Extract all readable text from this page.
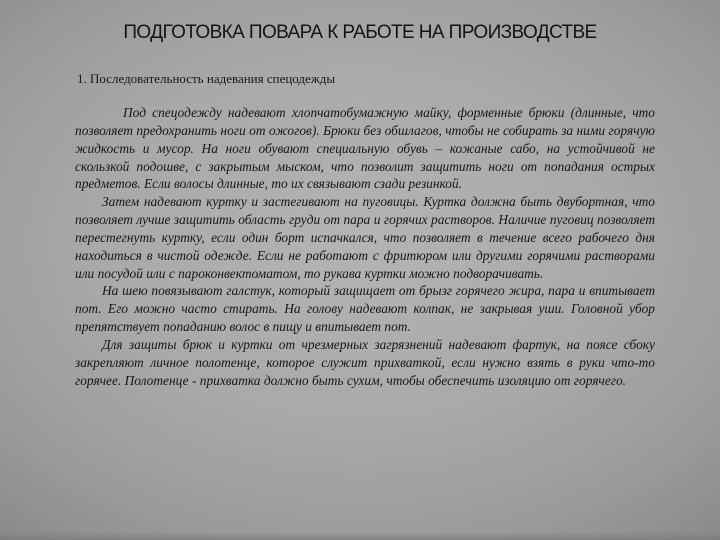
ПОДГОТОВКА ПОВАРА К РАБОТЕ НА ПРОИЗВОДСТВЕ

1. Последовательность надевания спецодежды

Под спецодежду надевают хлопчатобумажную майку, форменные брюки (длинные, что позволяет предохранить ноги от ожогов). Брюки без обшлагов, чтобы не собирать за ними горячую жидкость и мусор. На ноги обувают специальную обувь – кожаные сабо, на устойчивой не скользкой подошве, с закрытым мыском, что позволит защитить ноги от попадания острых предметов. Если волосы длинные, то их связывают сзади резинкой.

Затем надевают куртку и застегивают на пуговицы. Куртка должна быть двубортная, что позволяет лучше защитить область груди от пара и горячих растворов. Наличие пуговиц позволяет перестегнуть куртку, если один борт испачкался, что позволяет в течение всего рабочего дня находиться в чистой одежде. Если не работают с фритюром или другими горячими растворами или посудой или с пароконвектоматом, то рукава куртки можно подворачивать.

На шею повязывают галстук, который защищает от брызг горячего жира, пара и впитывает пот. Его можно часто стирать. На голову надевают колпак, не закрывая уши. Головной убор препятствует попаданию волос в пищу и впитывает пот.

Для защиты брюк и куртки от чрезмерных загрязнений надевают фартук, на поясе сбоку закрепляют личное полотенце, которое служит прихваткой, если нужно взять в руки что-то горячее. Полотенце - прихватка должно быть сухим, чтобы обеспечить изоляцию от горячего.
